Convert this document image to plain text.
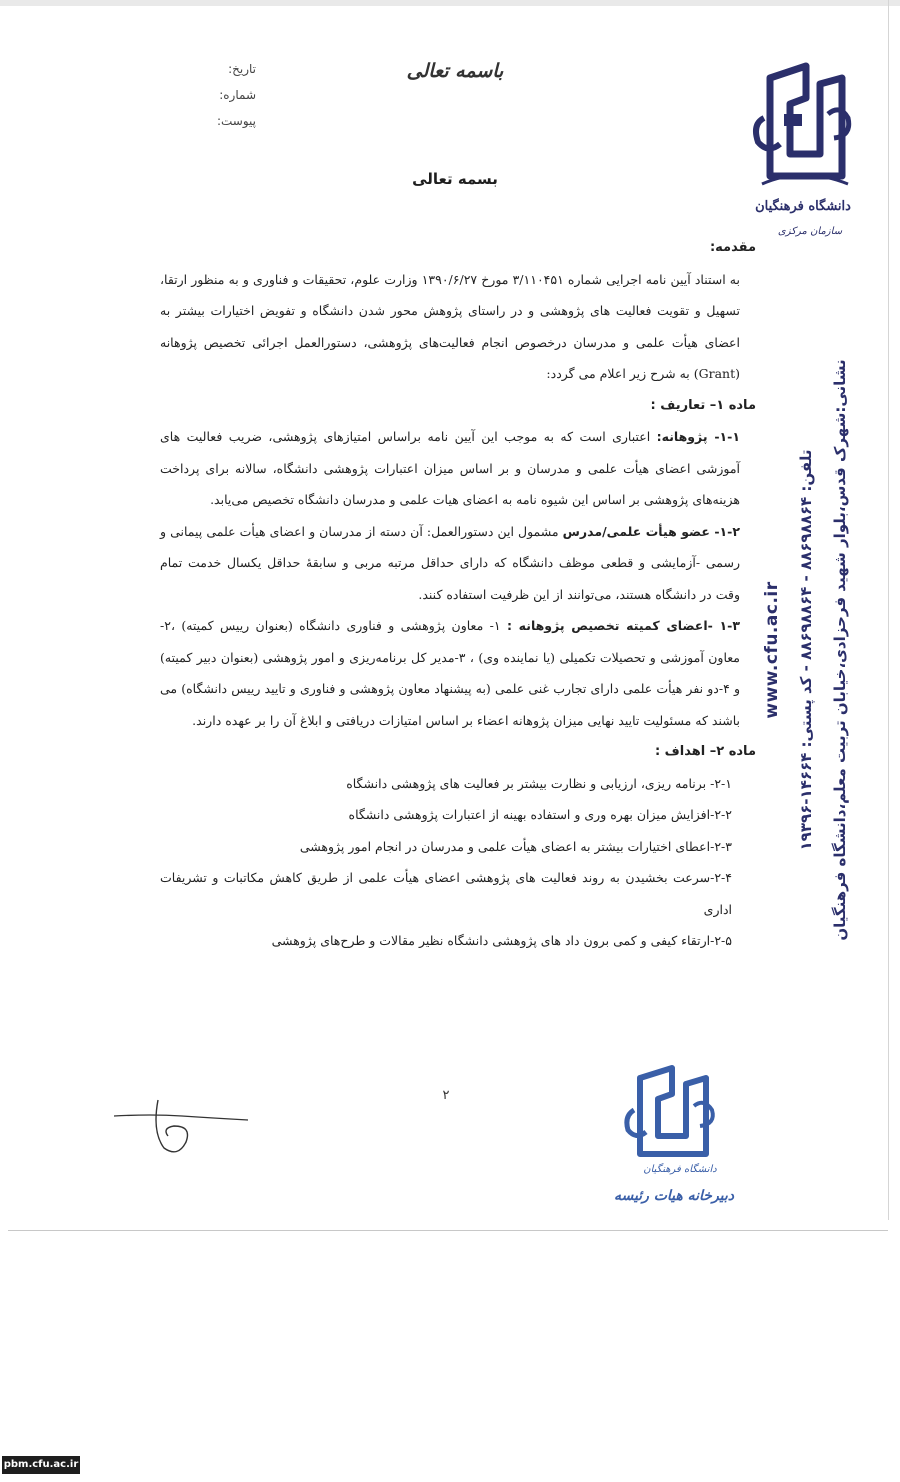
تاریخ:
شماره:
پیوست:
باسمه تعالی
بسمه تعالی
دانشگاه فرهنگیان
سازمان مرکزی
نشانی:شهرک قدس،بلوار شهید فرحزادی،خیابان تربیت معلم،دانشگاه فرهنگیان
تلفن: ۸۸۶۹۸۸۶۴ - ۸۸۶۹۸۸۶۴ - کد پستی: ۱۴۶۶۴-۱۹۳۹۶
www.cfu.ac.ir
مقدمه:

به استناد آیین نامه اجرایی شماره ۳/۱۱۰۴۵۱ مورخ ۱۳۹۰/۶/۲۷ وزارت علوم، تحقیقات و فناوری و به منظور ارتقا، تسهیل و تقویت فعالیت های پژوهشی و در راستای پژوهش محور شدن دانشگاه و تفویض اختیارات بیشتر به اعضای هیأت علمی و مدرسان درخصوص انجام فعالیت‌های پژوهشی، دستورالعمل اجرائی تخصیص پژوهانه (Grant) به شرح زیر اعلام می گردد:

ماده ۱– تعاریف :

۱-۱- پژوهانه: اعتباری است که به موجب این آیین نامه براساس امتیازهای پژوهشی، ضریب فعالیت های آموزشی اعضای هیأت علمی و مدرسان و بر اساس میزان اعتبارات پژوهشی دانشگاه، سالانه برای پرداخت هزینه‌های پژوهشی بر اساس این شیوه نامه به اعضای هیات علمی و مدرسان دانشگاه تخصیص می‌یابد.

۱-۲- عضو هیأت علمی/مدرس مشمول این دستورالعمل: آن دسته از مدرسان و اعضای هیأت علمی پیمانی و رسمی -آزمایشی و قطعی موظف دانشگاه که دارای حداقل مرتبه مربی و سابقهٔ حداقل یکسال خدمت تمام وقت در دانشگاه هستند، می‌توانند از این ظرفیت استفاده کنند.

۱-۳ -اعضای کمیته تخصیص پژوهانه : ۱- معاون پژوهشی و فناوری دانشگاه (بعنوان رییس کمیته) ،۲- معاون آموزشی و تحصیلات تکمیلی (یا نماینده وی) ، ۳-مدیر کل برنامه‌ریزی و امور پژوهشی (بعنوان دبیر کمیته) و ۴-دو نفر هیأت علمی دارای تجارب غنی علمی (به پیشنهاد معاون پژوهشی و فناوری و تایید رییس دانشگاه) می باشند که مسئولیت تایید نهایی میزان پژوهانه اعضاء بر اساس امتیازات دریافتی و ابلاغ آن را بر عهده دارند.

ماده ۲– اهداف :

۲-۱- برنامه ریزی، ارزیابی و نظارت بیشتر بر فعالیت های پژوهشی دانشگاه

۲-۲-افزایش میزان بهره وری و استفاده بهینه از اعتبارات پژوهشی دانشگاه

۲-۳-اعطای اختیارات بیشتر به اعضای هیأت علمی و مدرسان در انجام امور پژوهشی

۲-۴-سرعت بخشیدن به روند فعالیت های پژوهشی اعضای هیأت علمی از طریق کاهش مکاتبات و تشریفات اداری

۲-۵-ارتقاء کیفی و کمی برون داد های پژوهشی دانشگاه نظیر مقالات و طرح‌های پژوهشی

۲
دانشگاه فرهنگیان
دبیرخانه هیات رئیسه
pbm.cfu.ac.ir
